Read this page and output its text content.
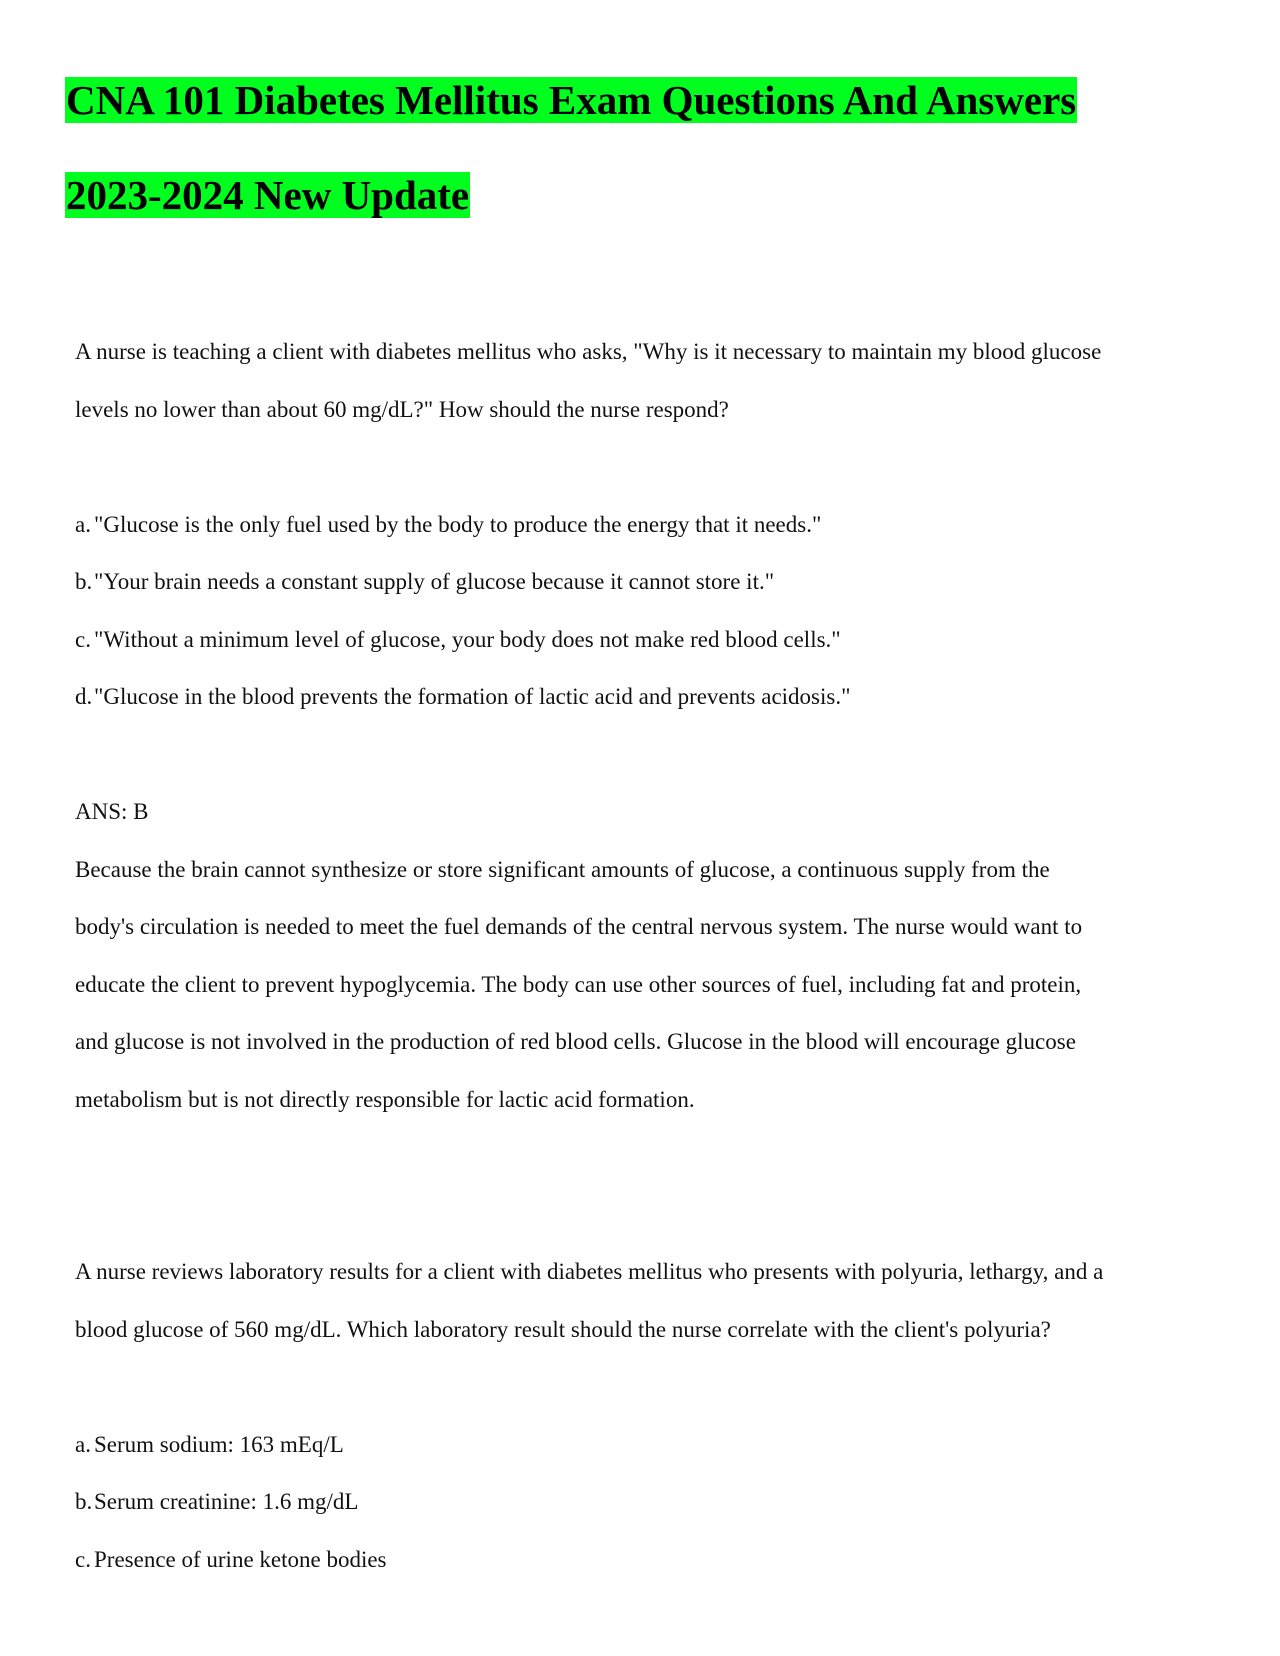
CNA 101 Diabetes Mellitus Exam Questions And Answers
2023-2024 New Update
A nurse is teaching a client with diabetes mellitus who asks, "Why is it necessary to maintain my blood glucose
levels no lower than about 60 mg/dL?" How should the nurse respond?
a. "Glucose is the only fuel used by the body to produce the energy that it needs."
b."Your brain needs a constant supply of glucose because it cannot store it."
c. "Without a minimum level of glucose, your body does not make red blood cells."
d."Glucose in the blood prevents the formation of lactic acid and prevents acidosis."
ANS: B
Because the brain cannot synthesize or store significant amounts of glucose, a continuous supply from the
body's circulation is needed to meet the fuel demands of the central nervous system. The nurse would want to
educate the client to prevent hypoglycemia. The body can use other sources of fuel, including fat and protein,
and glucose is not involved in the production of red blood cells. Glucose in the blood will encourage glucose
metabolism but is not directly responsible for lactic acid formation.
A nurse reviews laboratory results for a client with diabetes mellitus who presents with polyuria, lethargy, and a
blood glucose of 560 mg/dL. Which laboratory result should the nurse correlate with the client's polyuria?
a. Serum sodium: 163 mEq/L
b.Serum creatinine: 1.6 mg/dL
c. Presence of urine ketone bodies
